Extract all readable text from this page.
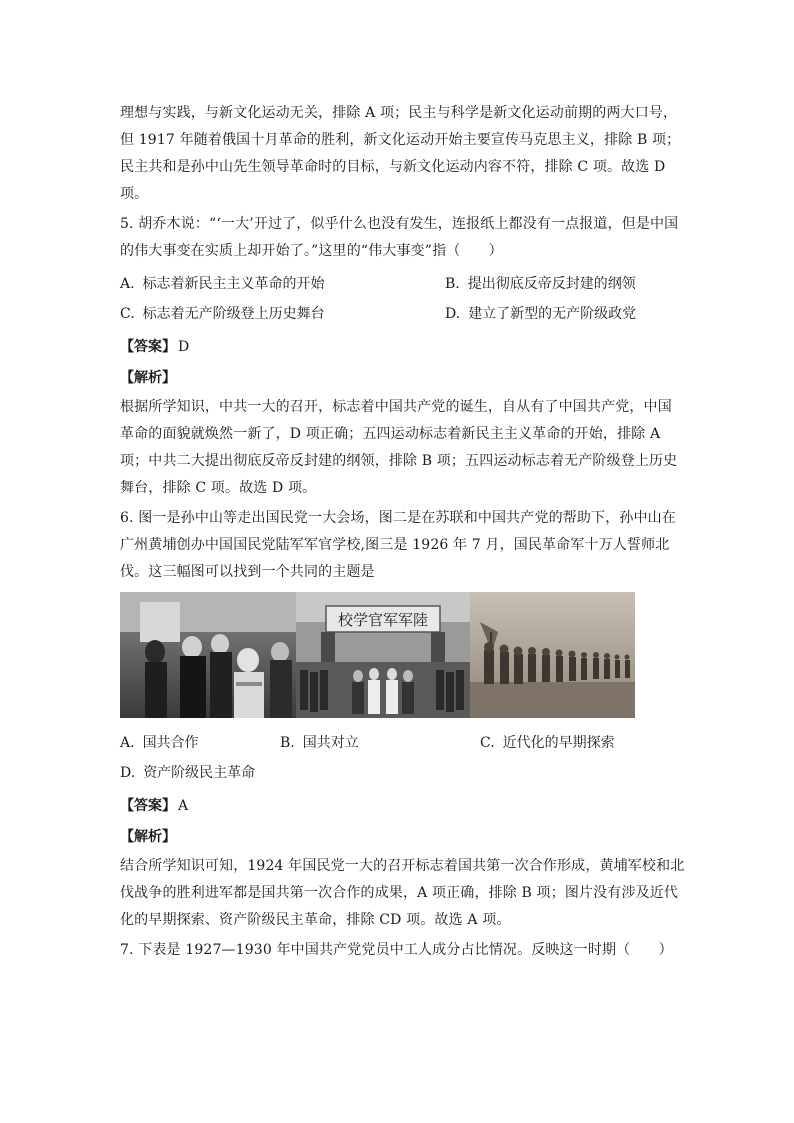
理想与实践，与新文化运动无关，排除 A 项；民主与科学是新文化运动前期的两大口号，
但 1917 年随着俄国十月革命的胜利，新文化运动开始主要宣传马克思主义，排除 B 项；
民主共和是孙中山先生领导革命时的目标，与新文化运动内容不符，排除 C 项。故选 D
项。
5. 胡乔木说：“‘一大’开过了，似乎什么也没有发生，连报纸上都没有一点报道，但是中国
的伟大事变在实质上却开始了。”这里的“伟大事变”指（　　）
A. 标志着新民主主义革命的开始	B. 提出彻底反帝反封建的纲领
C. 标志着无产阶级登上历史舞台	D. 建立了新型的无产阶级政党
【答案】 D
【解析】
根据所学知识，中共一大的召开，标志着中国共产党的诞生，自从有了中国共产党，中国
革命的面貌就焕然一新了，D 项正确；五四运动标志着新民主主义革命的开始，排除 A
项；中共二大提出彻底反帝反封建的纲领，排除 B 项；五四运动标志着无产阶级登上历史
舞台，排除 C 项。故选 D 项。
6. 图一是孙中山等走出国民党一大会场，图二是在苏联和中国共产党的帮助下，孙中山在
广州黄埔创办中国国民党陆军军官学校,图三是 1926 年 7 月，国民革命军十万人誓师北
伐。这三幅图可以找到一个共同的主题是
校学官军军陸
A. 国共合作	B. 国共对立	C. 近代化的早期探索
D. 资产阶级民主革命
【答案】 A
【解析】
结合所学知识可知，1924 年国民党一大的召开标志着国共第一次合作形成，黄埔军校和北
伐战争的胜利进军都是国共第一次合作的成果，A 项正确，排除 B 项；图片没有涉及近代
化的早期探索、资产阶级民主革命，排除 CD 项。故选 A 项。
7. 下表是 1927—1930 年中国共产党党员中工人成分占比情况。反映这一时期（　　）
